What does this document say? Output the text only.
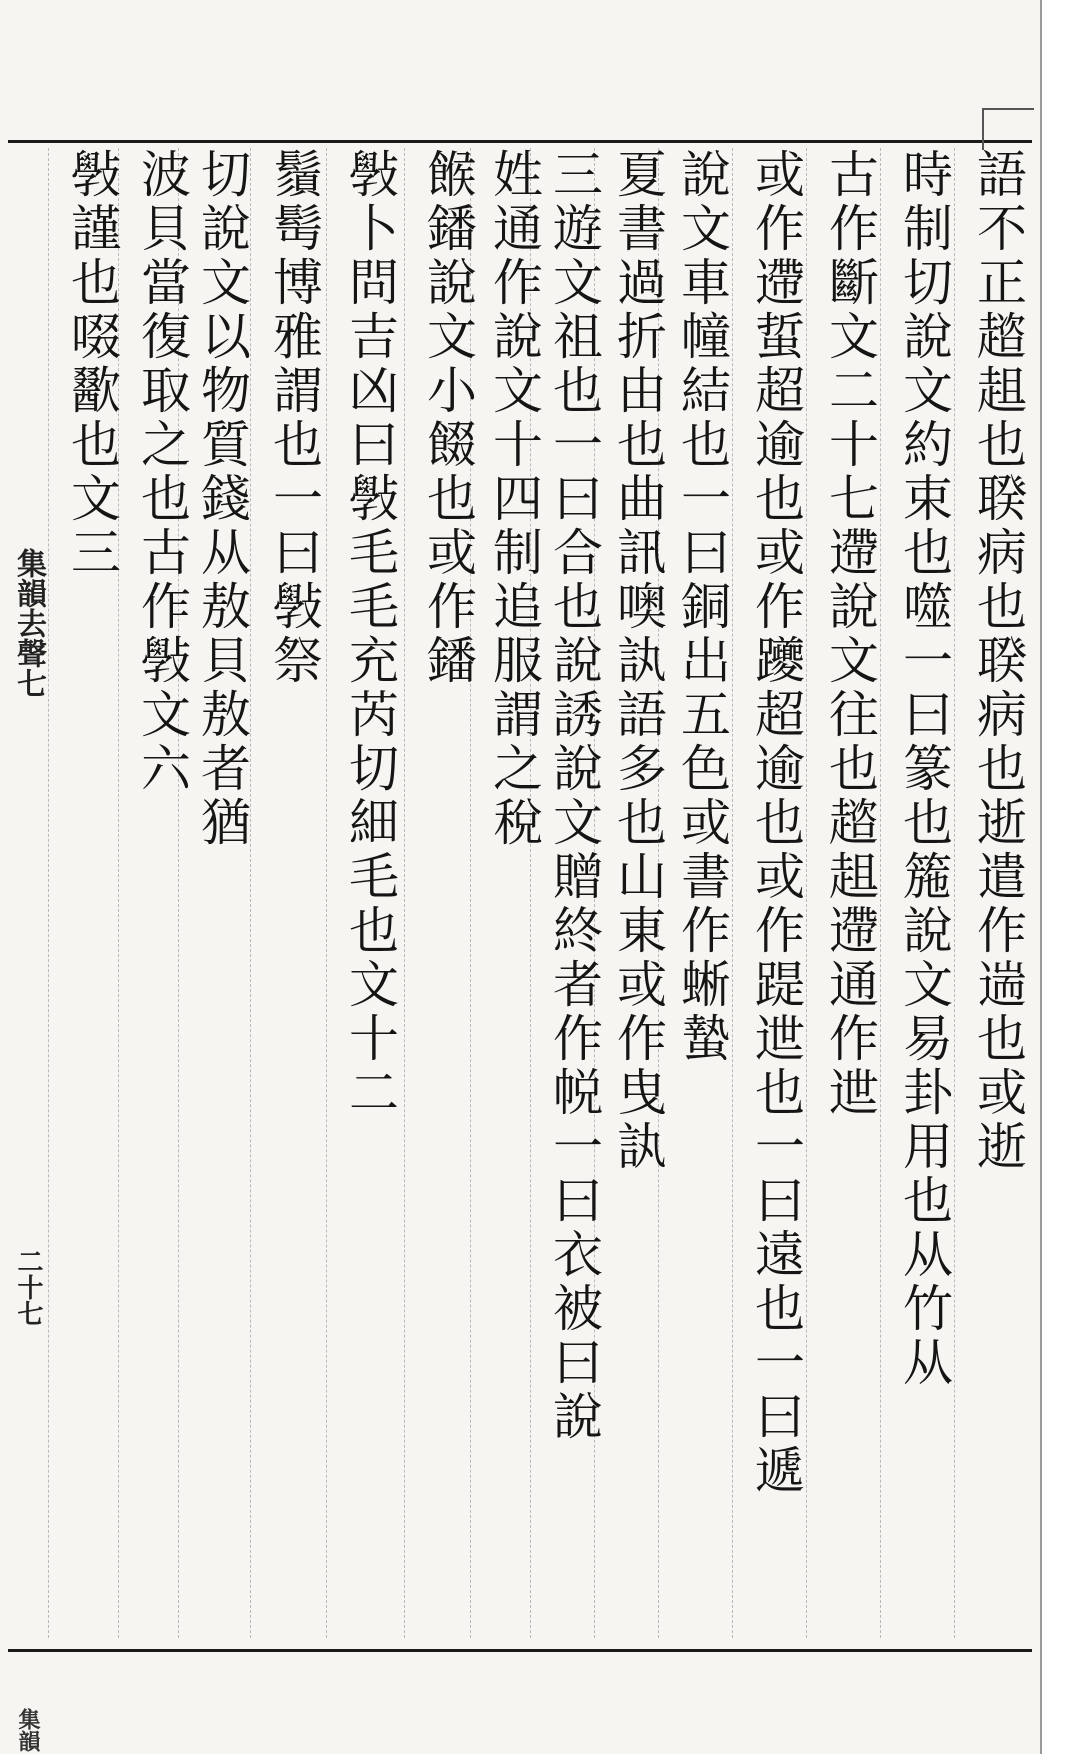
語不正趦趄也聧病也聧病也逝遣作遄也或逝
時制切說文約束也噬一曰篆也箷說文易卦用也从竹从
古作斷文二十七遰說文往也趦趄遰通作迣
或作遰蜇超逾也或作躨超逾也或作踶迣也一曰遠也一曰遞
說文車幢結也一曰銅出五色或書作蜥蟄
夏書過折由也曲訊噢訙語多也山東或作曳訙
三遊文祖也一曰合也說誘說文贈終者作帨一曰衣被曰說
姓通作說文十四制追服謂之稅
餱鐇說文小餟也或作鐇
斅卜問吉凶曰斅毛毛充芮切細毛也文十二
鬚髩博雅謂也一曰斅祭
切說文以物質錢从敖貝敖者猶
波貝當復取之也古作斅文六
斅謹也啜歠也文三
集韻去聲七
二十七
集韻
